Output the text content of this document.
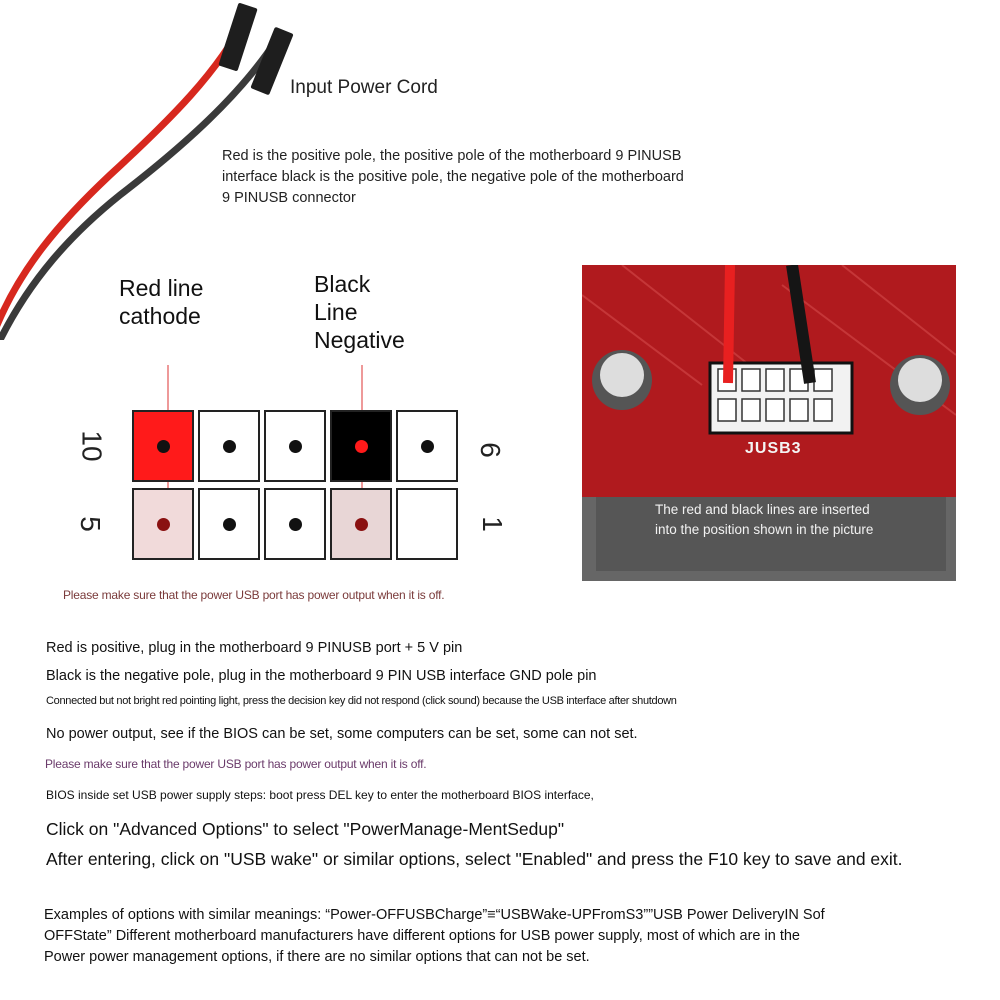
Input Power Cord
Red is the positive pole, the positive pole of the motherboard 9 PINUSB interface black is the positive pole, the negative pole of the motherboard 9 PINUSB connector
Red line cathode
Black Line Negative
10
5
6
1
JUSB3
The red and black lines are inserted into the position shown in the picture
Please make sure that the power USB port has power output when it is off.
Red is positive, plug in the motherboard 9 PINUSB port + 5 V pin
Black is the negative pole, plug in the motherboard 9 PIN USB interface GND pole pin
Connected but not bright red pointing light, press the decision key did not respond (click sound) because the USB interface after shutdown
No power output, see if the BIOS can be set, some computers can be set, some can not set.
Please make sure that the power USB port has power output when it is off.
BIOS inside set USB power supply steps: boot press DEL key to enter the motherboard BIOS interface,
Click on "Advanced Options" to select "PowerManage-MentSedup"
After entering, click on "USB wake" or similar options, select "Enabled" and press the F10 key to save and exit.
Examples of options with similar meanings: “Power-OFFUSBCharge”≡“USBWake-UPFromS3””USB Power DeliveryIN Sof OFFState” Different motherboard manufacturers have different options for USB power supply, most of which are in the Power power management options, if there are no similar options that can not be set.
